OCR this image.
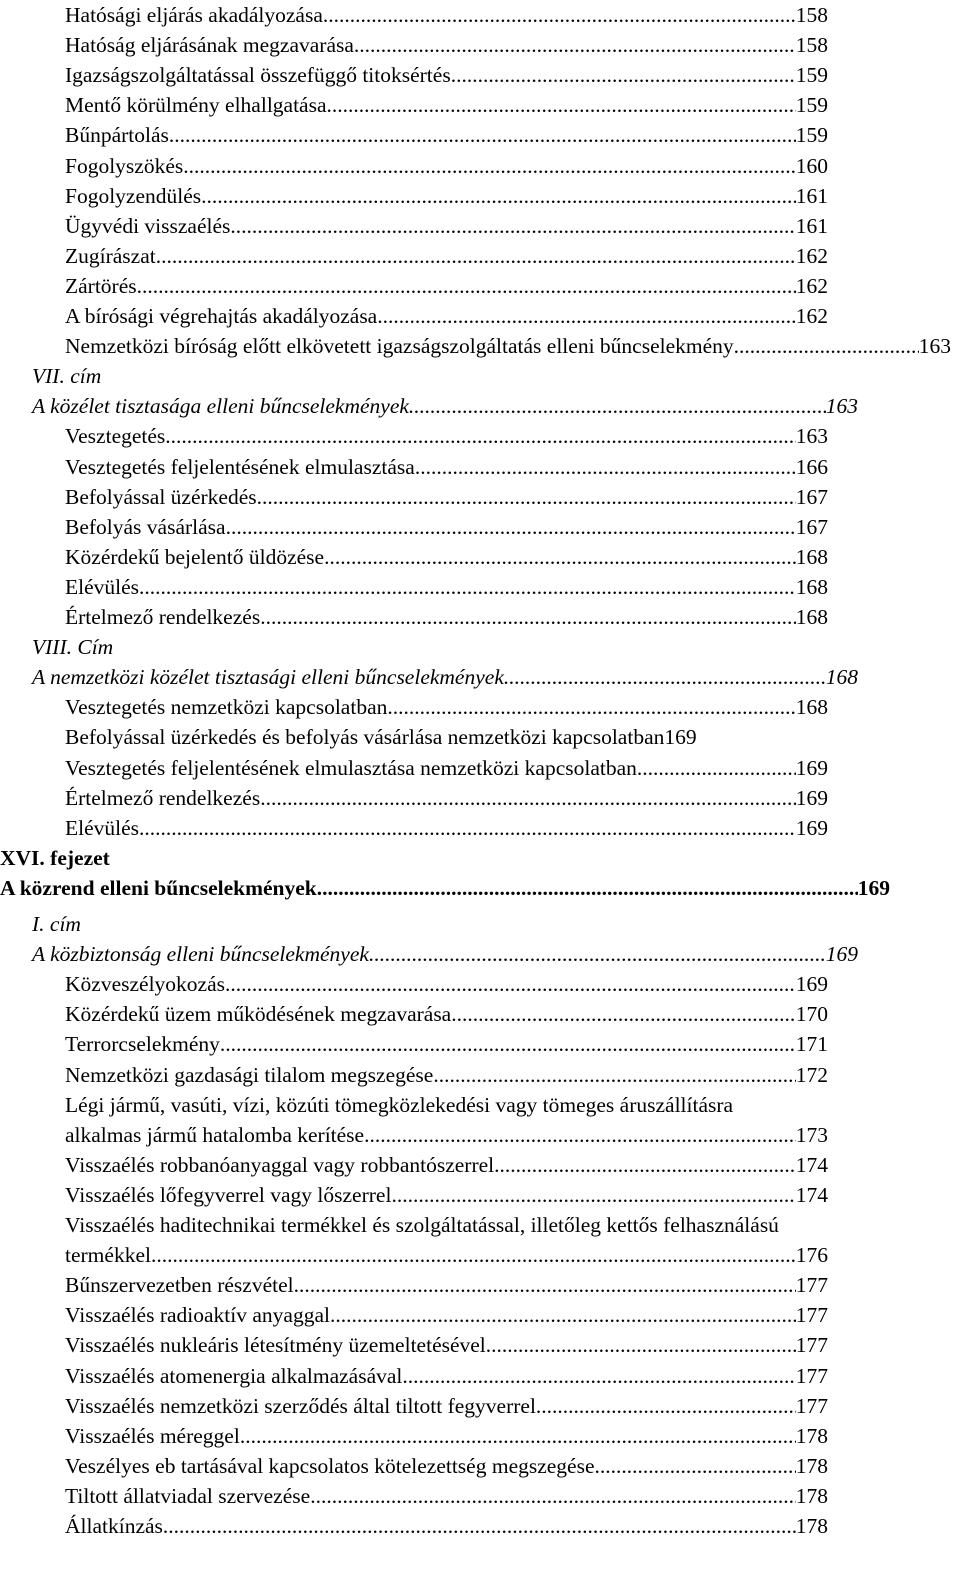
Hatósági eljárás akadályozása .....	158
Hatóság eljárásának megzavarása .....	158
Igazságszolgáltatással összefüggő titoksértés .....	159
Mentő körülmény elhallgatása .....	159
Bűnpártolás .....	159
Fogolyszökés .....	160
Fogolyzendülés .....	161
Ügyvédi visszaélés .....	161
Zugírászat .....	162
Zártörés .....	162
A bírósági végrehajtás akadályozása .....	162
Nemzetközi bíróság előtt elkövetett igazságszolgáltatás elleni bűncselekmény .....	163
VII. cím
A közélet tisztasága elleni bűncselekmények .....	163
Vesztegetés .....	163
Vesztegetés feljelentésének elmulasztása .....	166
Befolyással üzérkedés .....	167
Befolyás vásárlása .....	167
Közérdekű bejelentő üldözése .....	168
Elévülés .....	168
Értelmező rendelkezés .....	168
VIII. Cím
A nemzetközi közélet tisztasági elleni bűncselekmények .....	168
Vesztegetés nemzetközi kapcsolatban .....	168
Befolyással üzérkedés és befolyás vásárlása nemzetközi kapcsolatban 169
Vesztegetés feljelentésének elmulasztása nemzetközi kapcsolatban .....	169
Értelmező rendelkezés .....	169
Elévülés .....	169
XVI. fejezet
A közrend elleni bűncselekmények .....	169
I. cím
A közbiztonság elleni bűncselekmények .....	169
Közveszélyokozás .....	169
Közérdekű üzem működésének megzavarása .....	170
Terrorcselekmény .....	171
Nemzetközi gazdasági tilalom megszegése .....	172
Légi jármű, vasúti, vízi, közúti tömegközlekedési vagy tömeges áruszállításra
alkalmas jármű hatalomba kerítése .....	173
Visszaélés robbanóanyaggal vagy robbantószerrel .....	174
Visszaélés lőfegyverrel vagy lőszerrel .....	174
Visszaélés haditechnikai termékkel és szolgáltatással, illetőleg kettős felhasználású
termékkel .....	176
Bűnszervezetben részvétel .....	177
Visszaélés radioaktív anyaggal .....	177
Visszaélés nukleáris létesítmény üzemeltetésével .....	177
Visszaélés atomenergia alkalmazásával .....	177
Visszaélés nemzetközi szerződés által tiltott fegyverrel .....	177
Visszaélés méreggel .....	178
Veszélyes eb tartásával kapcsolatos kötelezettség megszegése .....	178
Tiltott állatviadal szervezése .....	178
Állatkínzás .....	178
